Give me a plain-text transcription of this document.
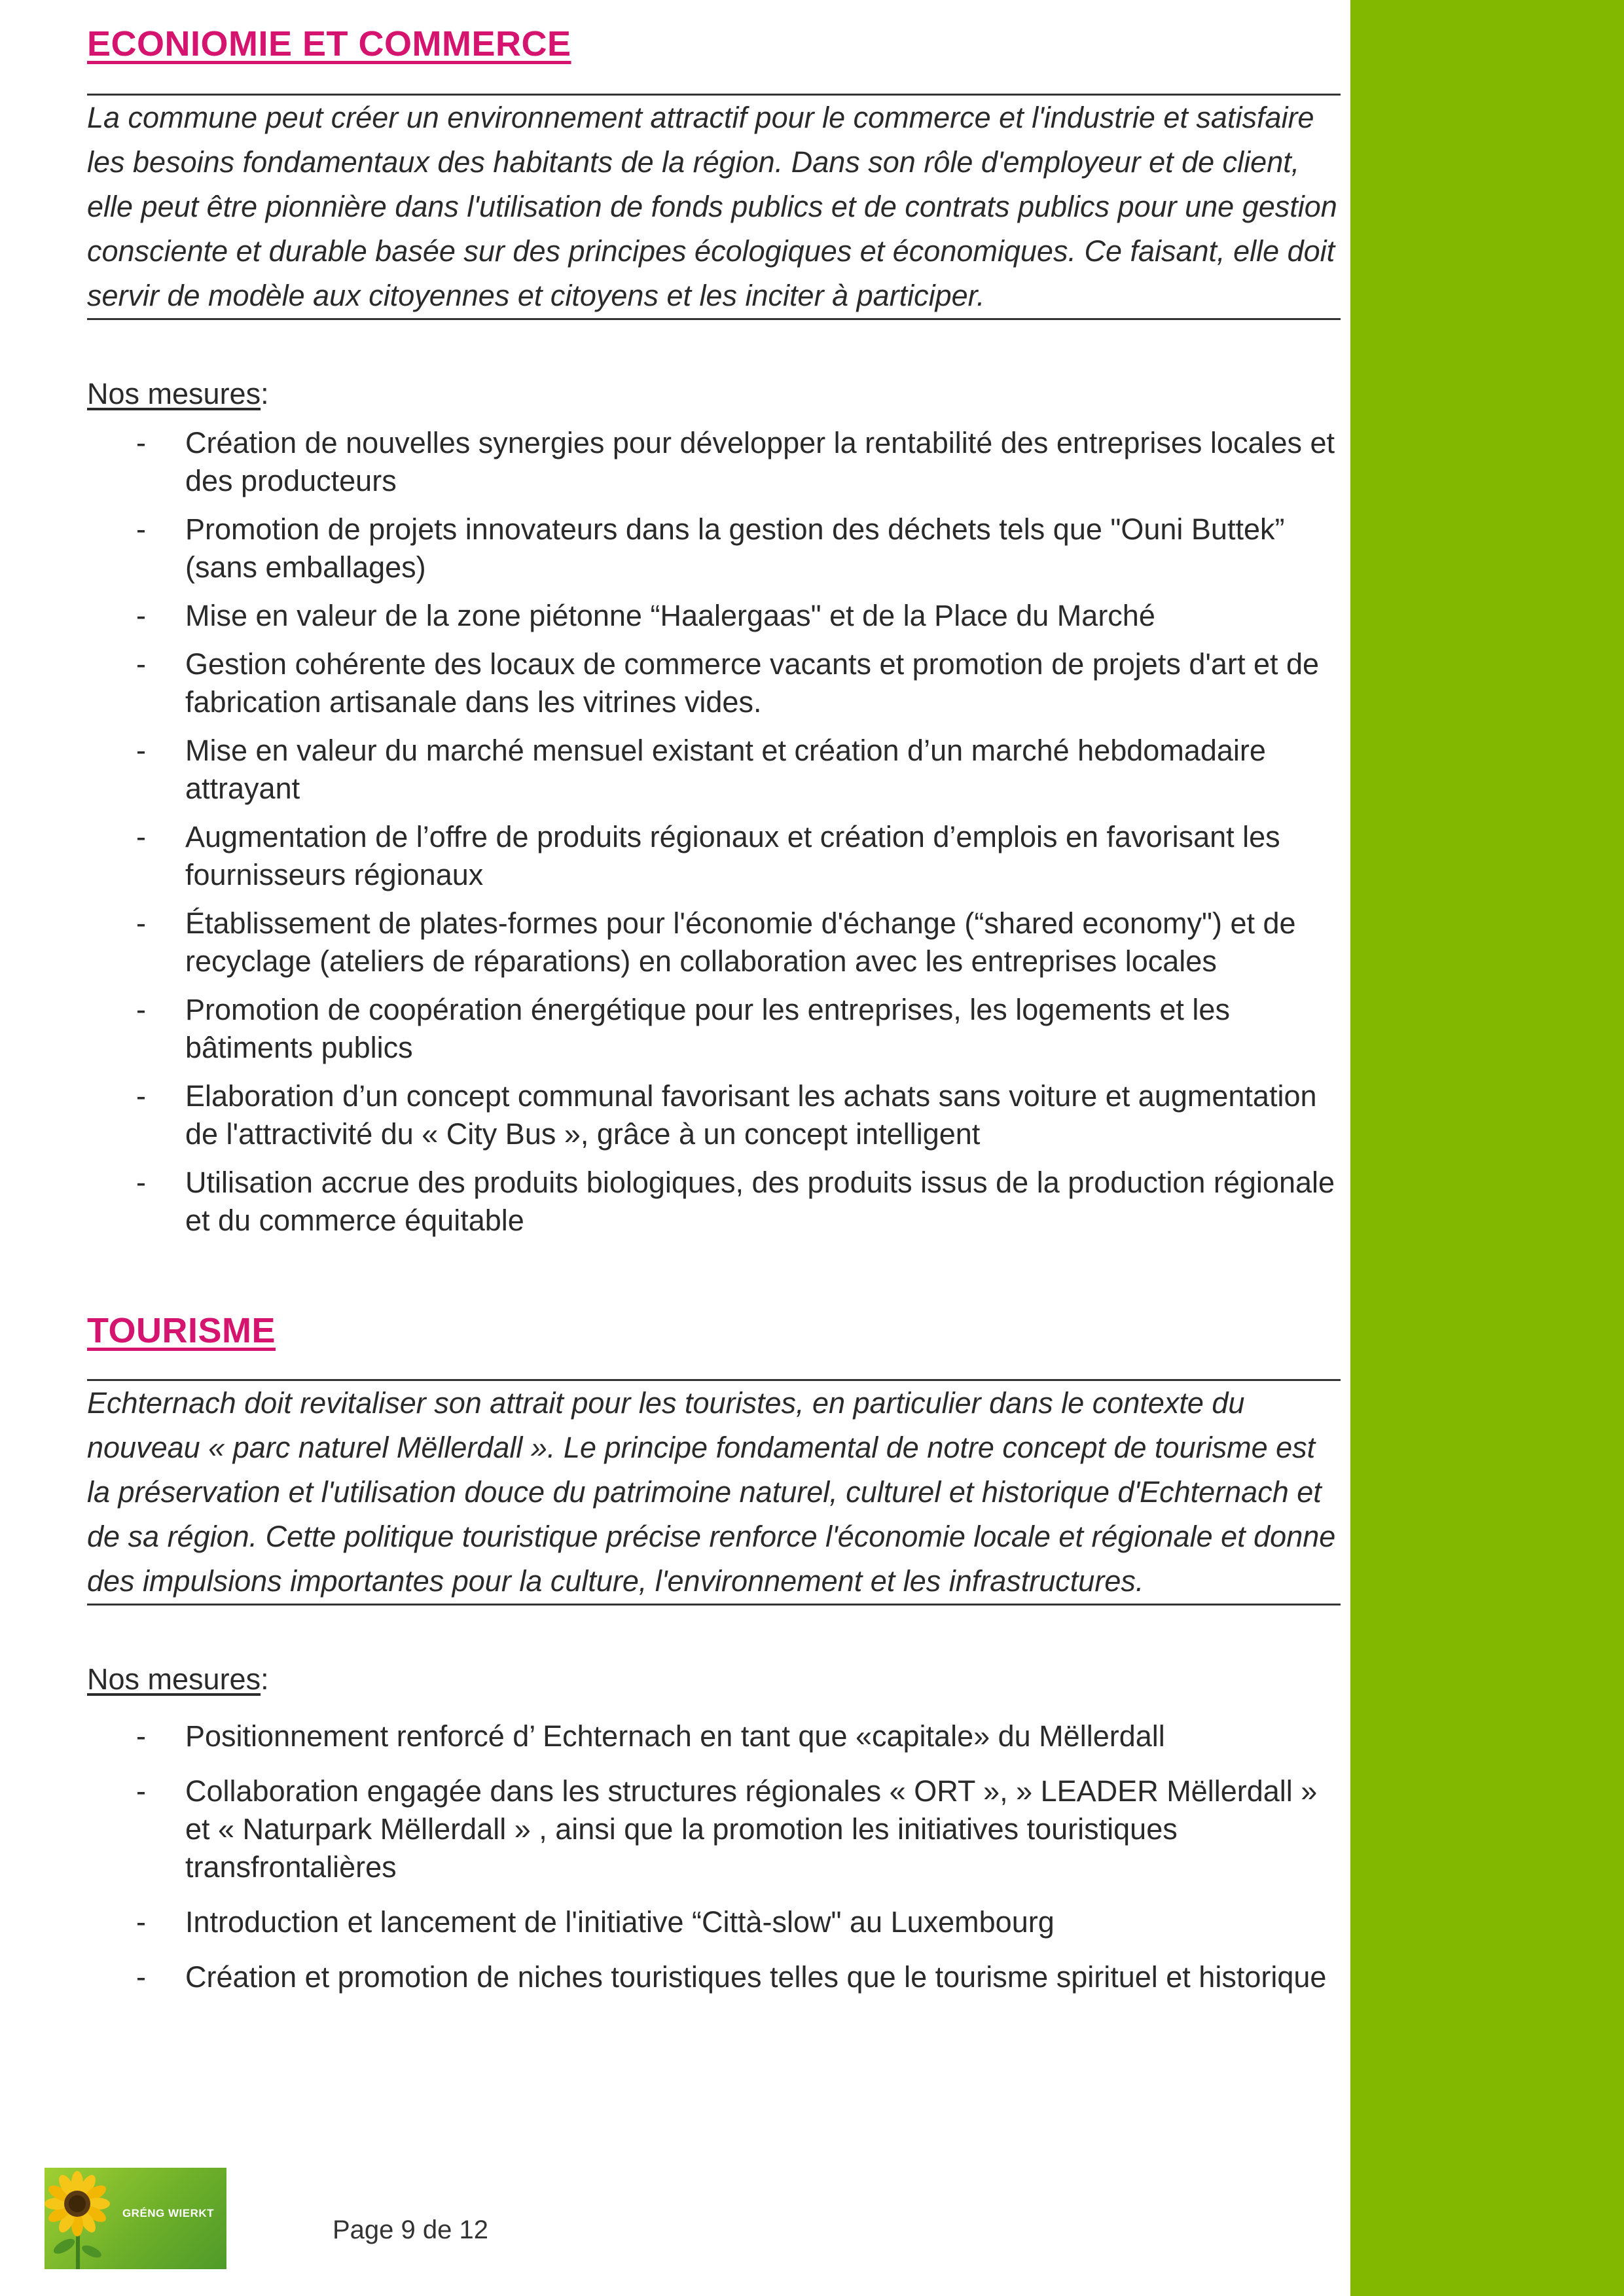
ECONIOMIE ET COMMERCE

La commune peut créer un environnement attractif pour le commerce et l'industrie et satisfaire les besoins fondamentaux des habitants de la région. Dans son rôle d'employeur et de client, elle peut être pionnière dans l'utilisation de fonds publics et de contrats publics pour une gestion consciente et durable basée sur des principes écologiques et économiques. Ce faisant, elle doit servir de modèle aux citoyennes et citoyens et les inciter à participer.

Nos mesures:

- Création de nouvelles synergies pour développer la rentabilité des entreprises locales et des producteurs
- Promotion de projets innovateurs dans la gestion des déchets tels que "Ouni Buttek” (sans emballages)
- Mise en valeur de la zone piétonne “Haalergaas" et de la Place du Marché
- Gestion cohérente des locaux de commerce vacants et promotion de projets d'art et de fabrication artisanale dans les vitrines vides.
- Mise en valeur du marché mensuel existant et création d’un marché hebdomadaire attrayant
- Augmentation de l’offre de produits régionaux et création d’emplois en favorisant les fournisseurs régionaux
- Établissement de plates-formes pour l'économie d'échange (“shared economy") et de recyclage (ateliers de réparations) en collaboration avec les entreprises locales
- Promotion de coopération énergétique pour les entreprises, les logements et les bâtiments publics
- Elaboration d’un concept communal favorisant les achats sans voiture et augmentation de l'attractivité du « City Bus », grâce à un concept intelligent
- Utilisation accrue des produits biologiques, des produits issus de la production régionale et du commerce équitable
TOURISME

Echternach doit revitaliser son attrait pour les touristes, en particulier dans le contexte du nouveau « parc naturel Mëllerdall ». Le principe fondamental de notre concept de tourisme est la préservation et l'utilisation douce du patrimoine naturel, culturel et historique d'Echternach et de sa région. Cette politique touristique précise renforce l'économie locale et régionale et donne des impulsions importantes pour la culture, l'environnement et les infrastructures.

Nos mesures:

- Positionnement renforcé d’ Echternach en tant que «capitale» du Mëllerdall
- Collaboration engagée dans les structures régionales « ORT », » LEADER Mëllerdall » et « Naturpark Mëllerdall » , ainsi que la promotion les initiatives touristiques transfrontalières
- Introduction et lancement de l'initiative “Città-slow" au Luxembourg
- Création et promotion de niches touristiques telles que le tourisme spirituel et historique
GRÉNG WIERKT
Page 9 de 12
